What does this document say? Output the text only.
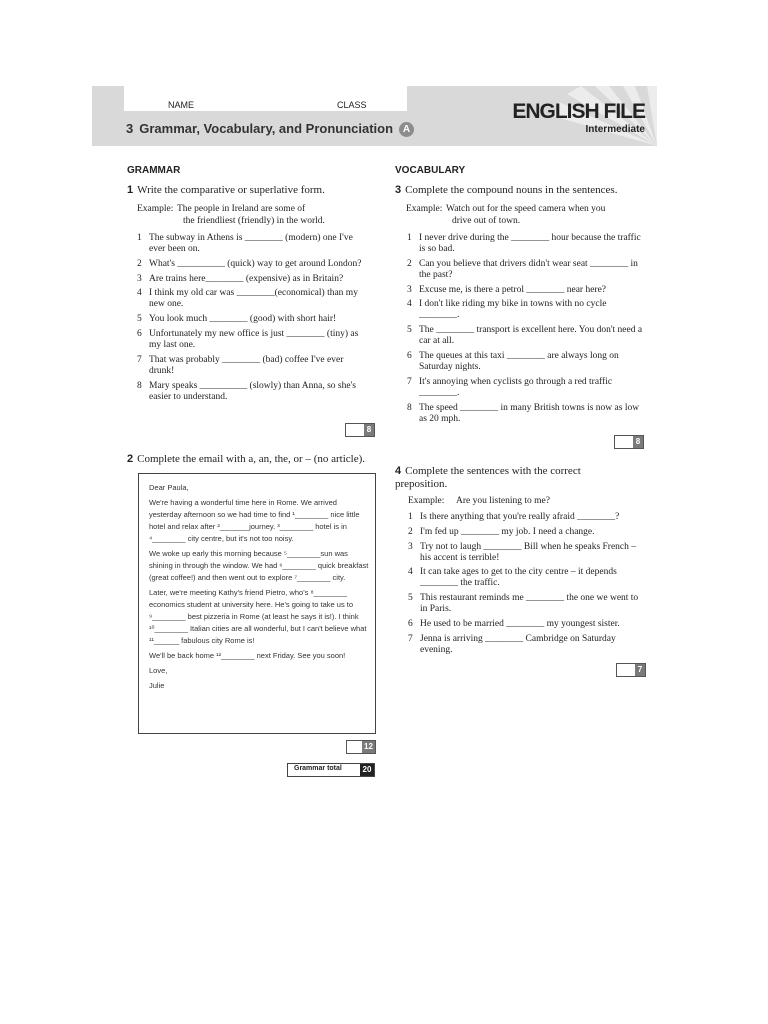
NAME	CLASS
3 Grammar, Vocabulary, and Pronunciation A
ENGLISH FILE
Intermediate
GRAMMAR
1 Write the comparative or superlative form.
Example: The people in Ireland are some of
the friendliest (friendly) in the world.
1 The subway in Athens is ________ (modern) one I've ever been on.
2 What's __________ (quick) way to get around London?
3 Are trains here________ (expensive) as in Britain?
4 I think my old car was ________(economical) than my new one.
5 You look much ________ (good) with short hair!
6 Unfortunately my new office is just ________ (tiny) as my last one.
7 That was probably ________ (bad) coffee I've ever drunk!
8 Mary speaks __________ (slowly) than Anna, so she's easier to understand.
8
2 Complete the email with a, an, the, or – (no article).

Dear Paula,

We're having a wonderful time here in Rome. We arrived yesterday afternoon so we had time to find ¹________ nice little hotel and relax after ²_______journey. ³________ hotel is in ⁴________ city centre, but it's not too noisy.

We woke up early this morning because ⁵________sun was shining in through the window. We had ⁶________ quick breakfast (great coffee!) and then went out to explore ⁷________ city.

Later, we're meeting Kathy's friend Pietro, who's ⁸________ economics student at university here. He's going to take us to ⁹________ best pizzeria in Rome (at least he says it is!). I think ¹⁰________ Italian cities are all wonderful, but I can't believe what ¹¹______ fabulous city Rome is!

We'll be back home ¹²________ next Friday. See you soon!

Love,

Julie

12
Grammar total	20
VOCABULARY
3 Complete the compound nouns in the sentences.
Example: Watch out for the speed camera when you
drive out of town.
1 I never drive during the ________ hour because the traffic is so bad.
2 Can you believe that drivers didn't wear seat ________ in the past?
3 Excuse me, is there a petrol ________ near here?
4 I don't like riding my bike in towns with no cycle ________.
5 The ________ transport is excellent here. You don't need a car at all.
6 The queues at this taxi ________ are always long on Saturday nights.
7 It's annoying when cyclists go through a red traffic ________.
8 The speed ________ in many British towns is now as low as 20 mph.
8
4 Complete the sentences with the correct preposition.
Example: Are you listening to me?
1 Is there anything that you're really afraid ________?
2 I'm fed up ________ my job. I need a change.
3 Try not to laugh ________ Bill when he speaks French – his accent is terrible!
4 It can take ages to get to the city centre – it depends ________ the traffic.
5 This restaurant reminds me ________ the one we went to in Paris.
6 He used to be married ________ my youngest sister.
7 Jenna is arriving ________ Cambridge on Saturday evening.
7
